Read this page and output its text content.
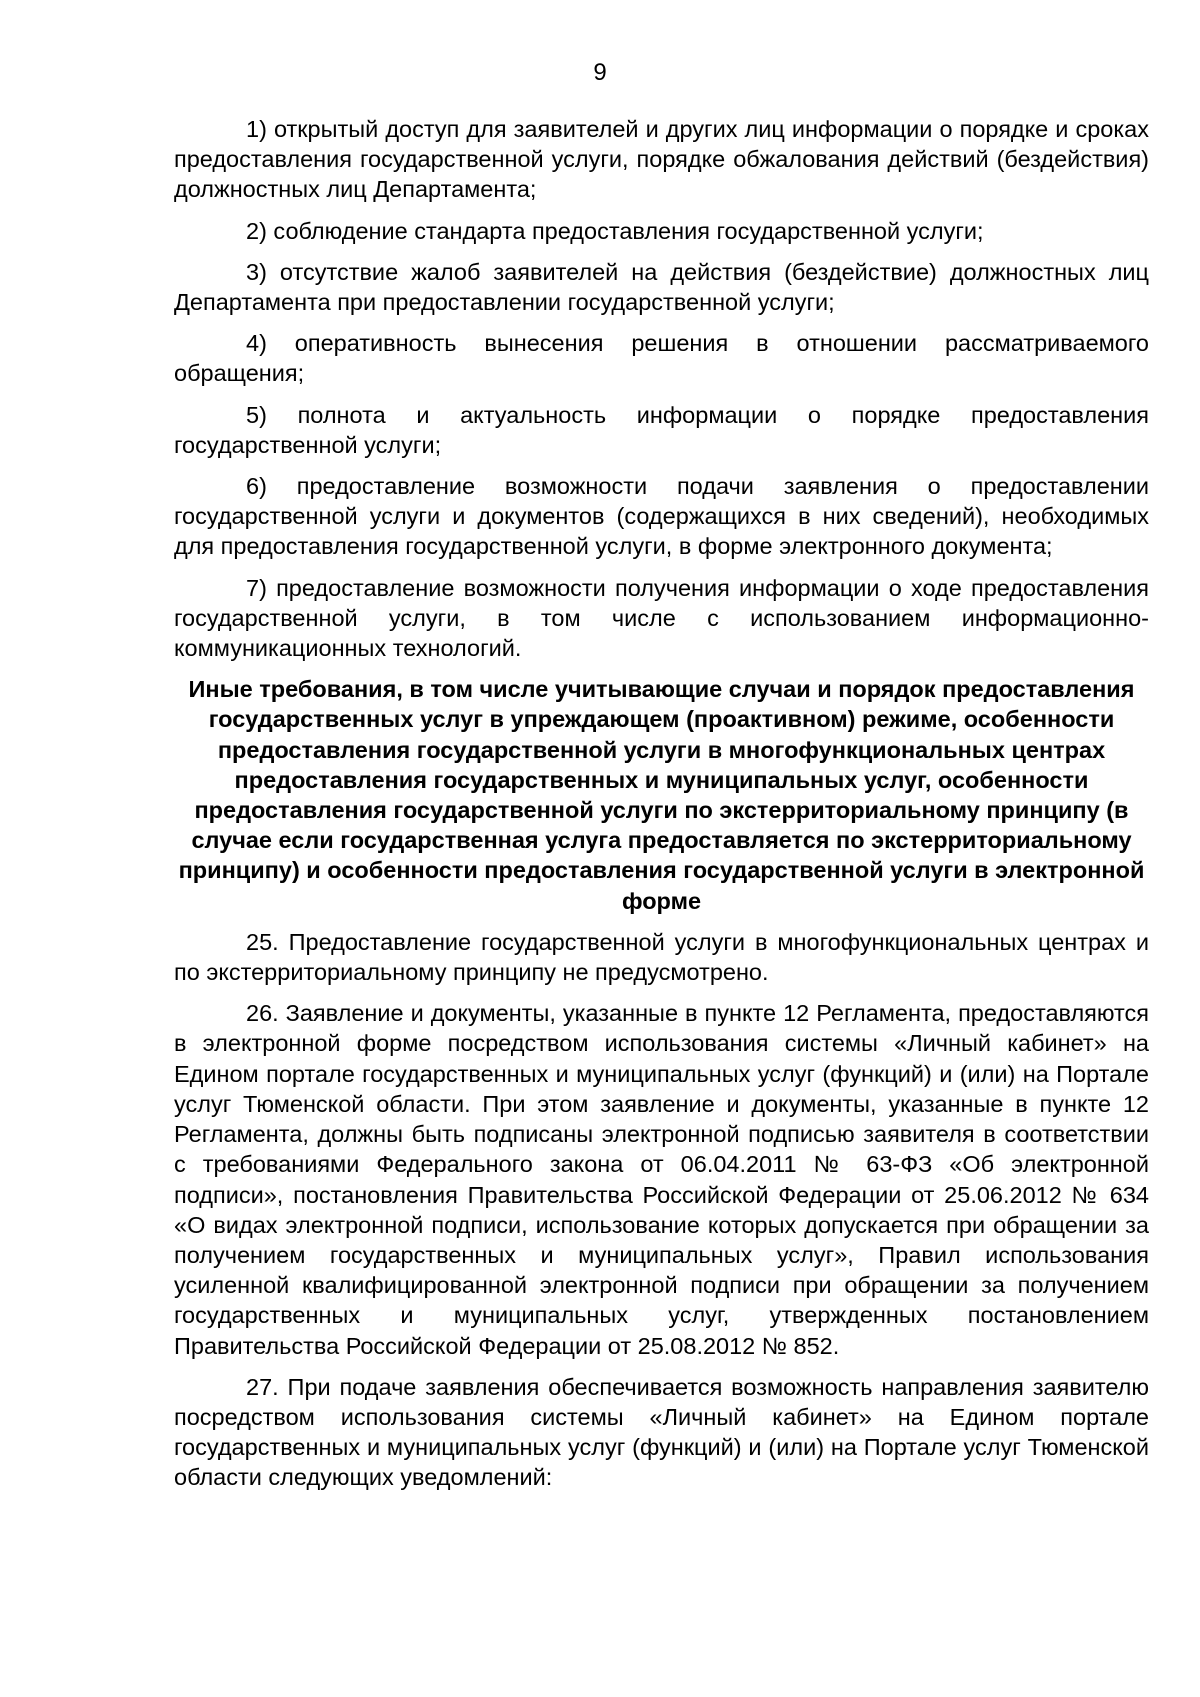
9

1) открытый доступ для заявителей и других лиц информации о порядке и сроках предоставления государственной услуги, порядке обжалования действий (бездействия) должностных лиц Департамента;

2) соблюдение стандарта предоставления государственной услуги;

3) отсутствие жалоб заявителей на действия (бездействие) должностных лиц Департамента при предоставлении государственной услуги;

4) оперативность вынесения решения в отношении рассматриваемого обращения;

5) полнота и актуальность информации о порядке предоставления государственной услуги;

6) предоставление возможности подачи заявления о предоставлении государственной услуги и документов (содержащихся в них сведений), необходимых для предоставления государственной услуги, в форме электронного документа;

7) предоставление возможности получения информации о ходе предоставления государственной услуги, в том числе с использованием информационно-коммуникационных технологий.

Иные требования, в том числе учитывающие случаи и порядок предоставления государственных услуг в упреждающем (проактивном) режиме, особенности предоставления государственной услуги в многофункциональных центрах предоставления государственных и муниципальных услуг, особенности предоставления государственной услуги по экстерриториальному принципу (в случае если государственная услуга предоставляется по экстерриториальному принципу) и особенности предоставления государственной услуги в электронной форме

25. Предоставление государственной услуги в многофункциональных центрах и по экстерриториальному принципу не предусмотрено.

26. Заявление и документы, указанные в пункте 12 Регламента, предоставляются в электронной форме посредством использования системы «Личный кабинет» на Едином портале государственных и муниципальных услуг (функций) и (или) на Портале услуг Тюменской области. При этом заявление и документы, указанные в пункте 12 Регламента, должны быть подписаны электронной подписью заявителя в соответствии с требованиями Федерального закона от 06.04.2011 № 63-ФЗ «Об электронной подписи», постановления Правительства Российской Федерации от 25.06.2012 № 634 «О видах электронной подписи, использование которых допускается при обращении за получением государственных и муниципальных услуг», Правил использования усиленной квалифицированной электронной подписи при обращении за получением государственных и муниципальных услуг, утвержденных постановлением Правительства Российской Федерации от 25.08.2012 № 852.

27. При подаче заявления обеспечивается возможность направления заявителю посредством использования системы «Личный кабинет» на Едином портале государственных и муниципальных услуг (функций) и (или) на Портале услуг Тюменской области следующих уведомлений:
